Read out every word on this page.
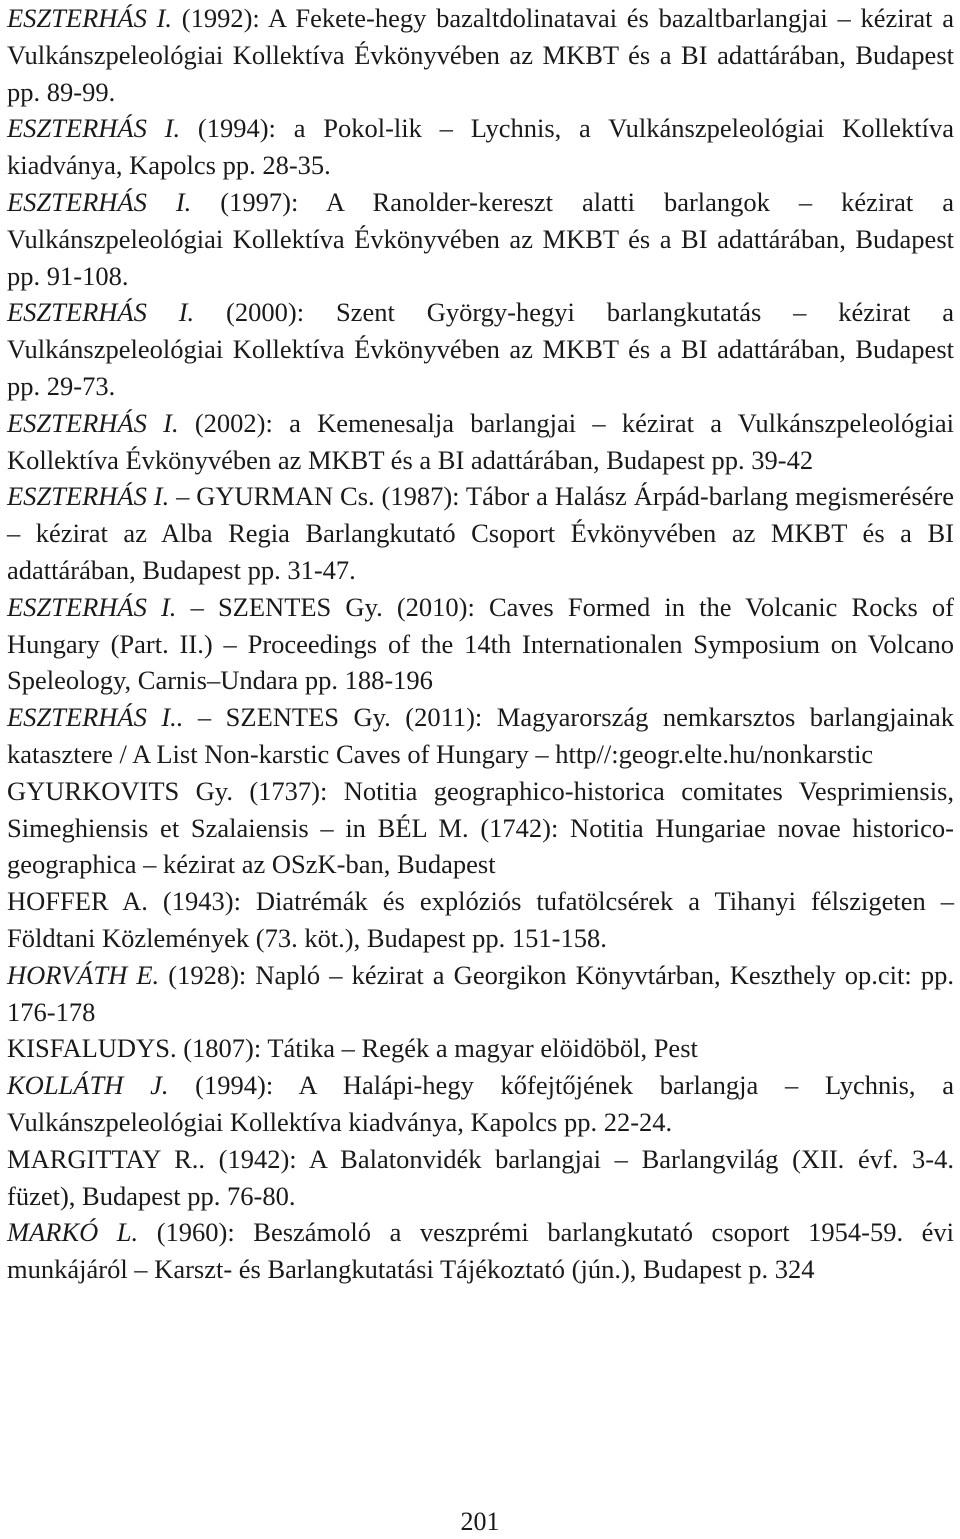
ESZTERHÁS I. (1992): A Fekete-hegy bazaltdolinatavai és bazaltbarlangjai – kézirat a Vulkánszpeleológiai Kollektíva Évkönyvében az MKBT és a BI adattárában, Budapest pp. 89-99.

ESZTERHÁS I. (1994): a Pokol-lik – Lychnis, a Vulkánszpeleológiai Kollektíva kiadványa, Kapolcs pp. 28-35.

ESZTERHÁS I. (1997): A Ranolder-kereszt alatti barlangok – kézirat a Vulkánszpeleológiai Kollektíva Évkönyvében az MKBT és a BI adattárában, Budapest pp. 91-108.

ESZTERHÁS I. (2000): Szent György-hegyi barlangkutatás – kézirat a Vulkánszpeleológiai Kollektíva Évkönyvében az MKBT és a BI adattárában, Budapest pp. 29-73.

ESZTERHÁS I. (2002): a Kemenesalja barlangjai – kézirat a Vulkánszpeleológiai Kollektíva Évkönyvében az MKBT és a BI adattárában, Budapest pp. 39-42

ESZTERHÁS I. – GYURMAN Cs. (1987): Tábor a Halász Árpád-barlang megismerésére – kézirat az Alba Regia Barlangkutató Csoport Évkönyvében az MKBT és a BI adattárában, Budapest pp. 31-47.

ESZTERHÁS I. – SZENTES Gy. (2010): Caves Formed in the Volcanic Rocks of Hungary (Part. II.) – Proceedings of the 14th Internationalen Symposium on Volcano Speleology, Carnis–Undara pp. 188-196

ESZTERHÁS I.. – SZENTES Gy. (2011): Magyarország nemkarsztos barlangjainak katasztere / A List Non-karstic Caves of Hungary – http//:geogr.elte.hu/nonkarstic

GYURKOVITS Gy. (1737): Notitia geographico-historica comitates Vesprimiensis, Simeghiensis et Szalaiensis – in BÉL M. (1742): Notitia Hungariae novae historico-geographica – kézirat az OSzK-ban, Budapest

HOFFER A. (1943): Diatrémák és explóziós tufatölcsérek a Tihanyi félszigeten – Földtani Közlemények (73. köt.), Budapest pp. 151-158.

HORVÁTH E. (1928): Napló – kézirat a Georgikon Könyvtárban, Keszthely op.cit: pp. 176-178

KISFALUDYS. (1807): Tátika – Regék a magyar elöidöböl, Pest

KOLLÁTH J. (1994): A Halápi-hegy kőfejtőjének barlangja – Lychnis, a Vulkánszpeleológiai Kollektíva kiadványa, Kapolcs pp. 22-24.

MARGITTAY R.. (1942): A Balatonvidék barlangjai – Barlangvilág (XII. évf. 3-4. füzet), Budapest pp. 76-80.

MARKÓ L. (1960): Beszámoló a veszprémi barlangkutató csoport 1954-59. évi munkájáról – Karszt- és Barlangkutatási Tájékoztató (jún.), Budapest p. 324

201
